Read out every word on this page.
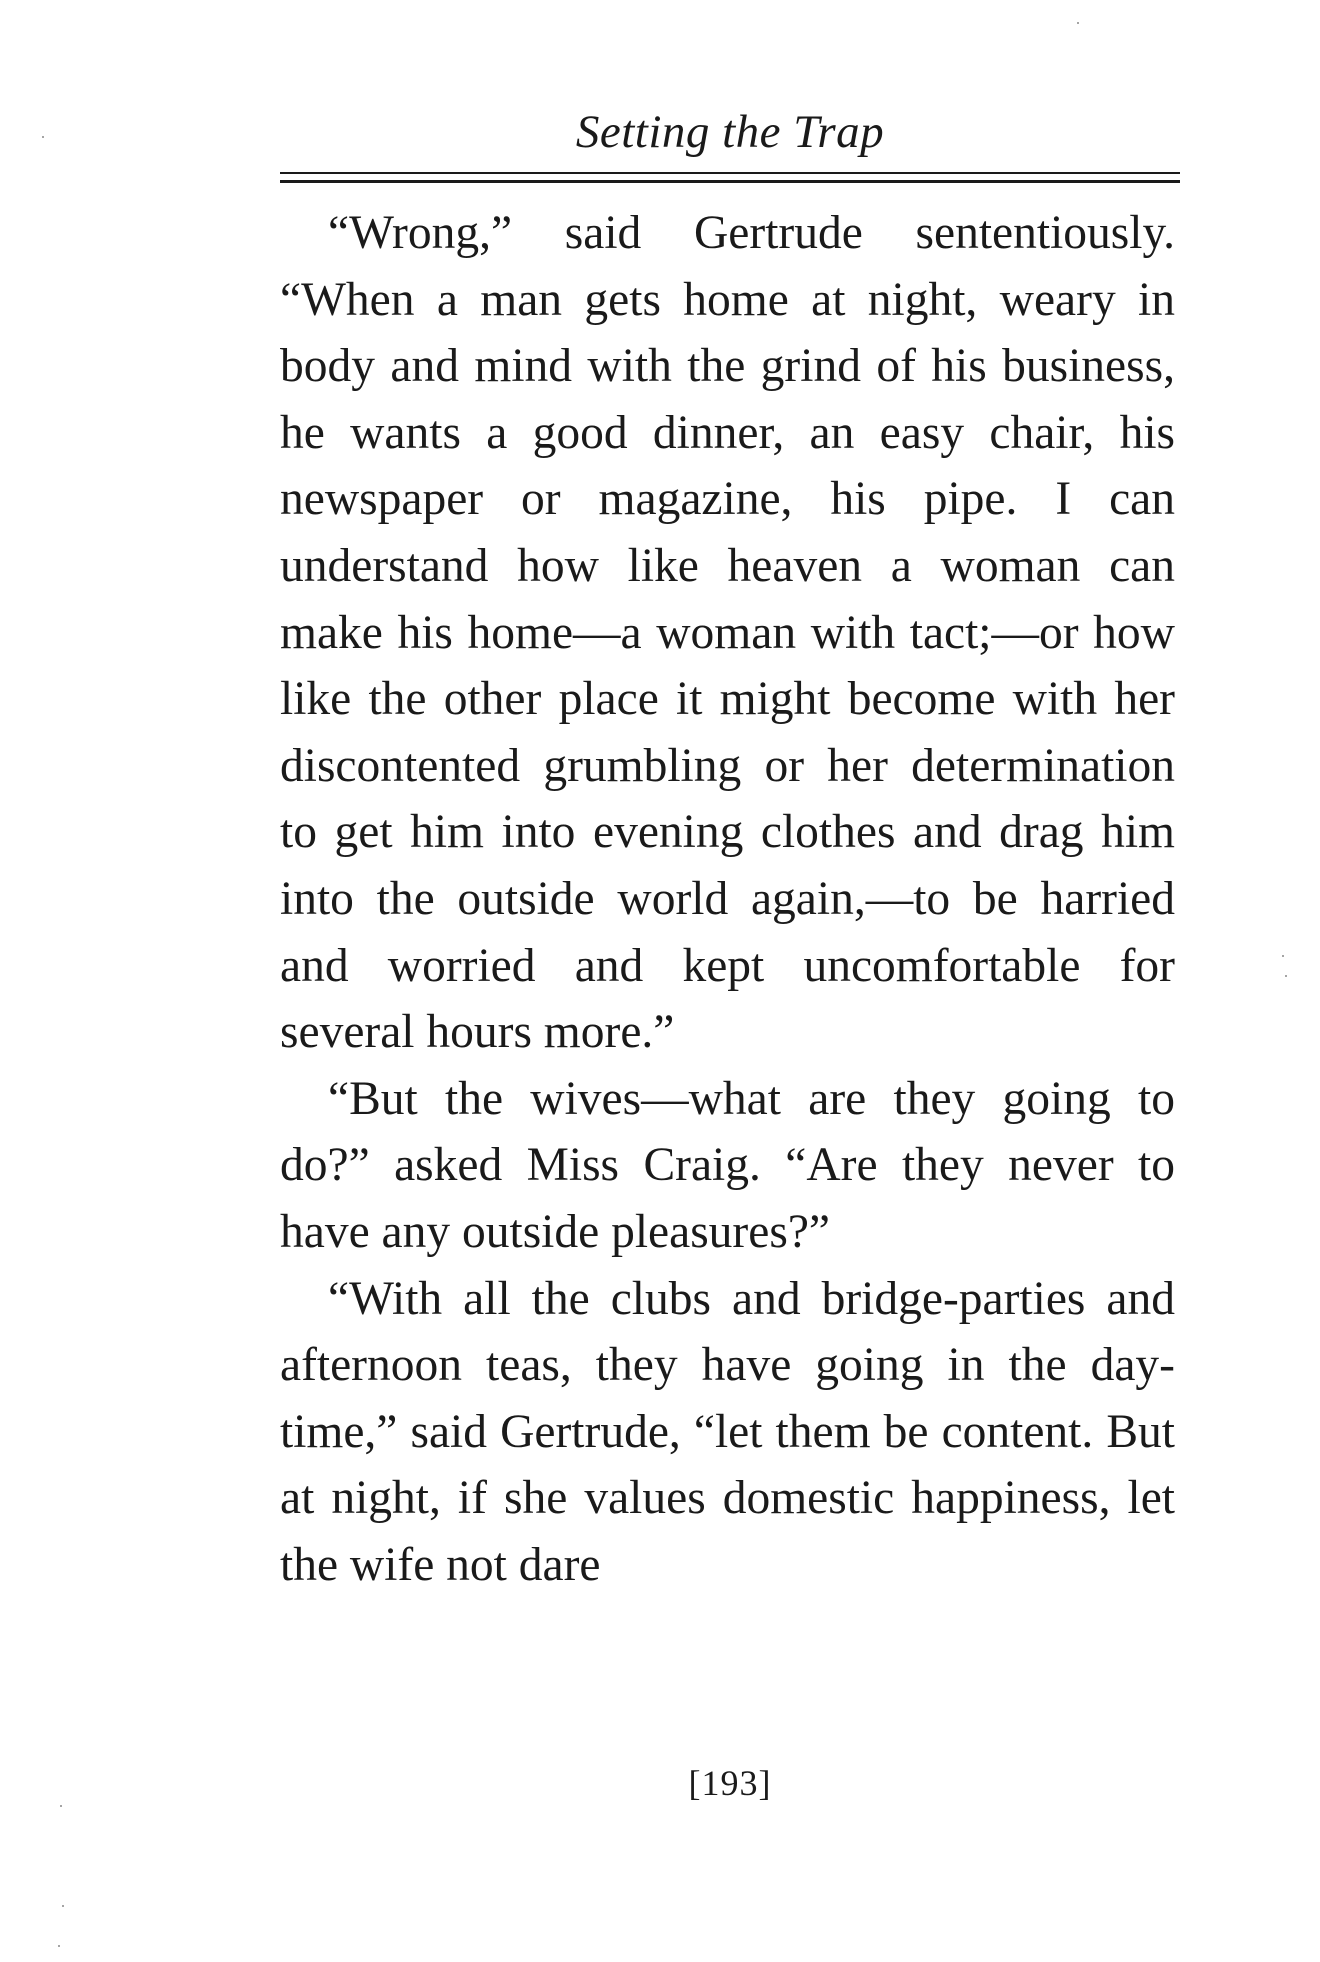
Setting the Trap

“Wrong,” said Gertrude sententiously. “When a man gets home at night, weary in body and mind with the grind of his business, he wants a good dinner, an easy chair, his newspaper or magazine, his pipe. I can understand how like heaven a woman can make his home—a woman with tact;—or how like the other place it might become with her discontented grumbling or her determination to get him into evening clothes and drag him into the outside world again,—to be harried and worried and kept uncomfortable for several hours more.”

“But the wives—what are they going to do?” asked Miss Craig. “Are they never to have any outside pleasures?”

“With all the clubs and bridge-parties and afternoon teas, they have going in the day-time,” said Gertrude, “let them be content. But at night, if she values domestic happiness, let the wife not dare

[193]
